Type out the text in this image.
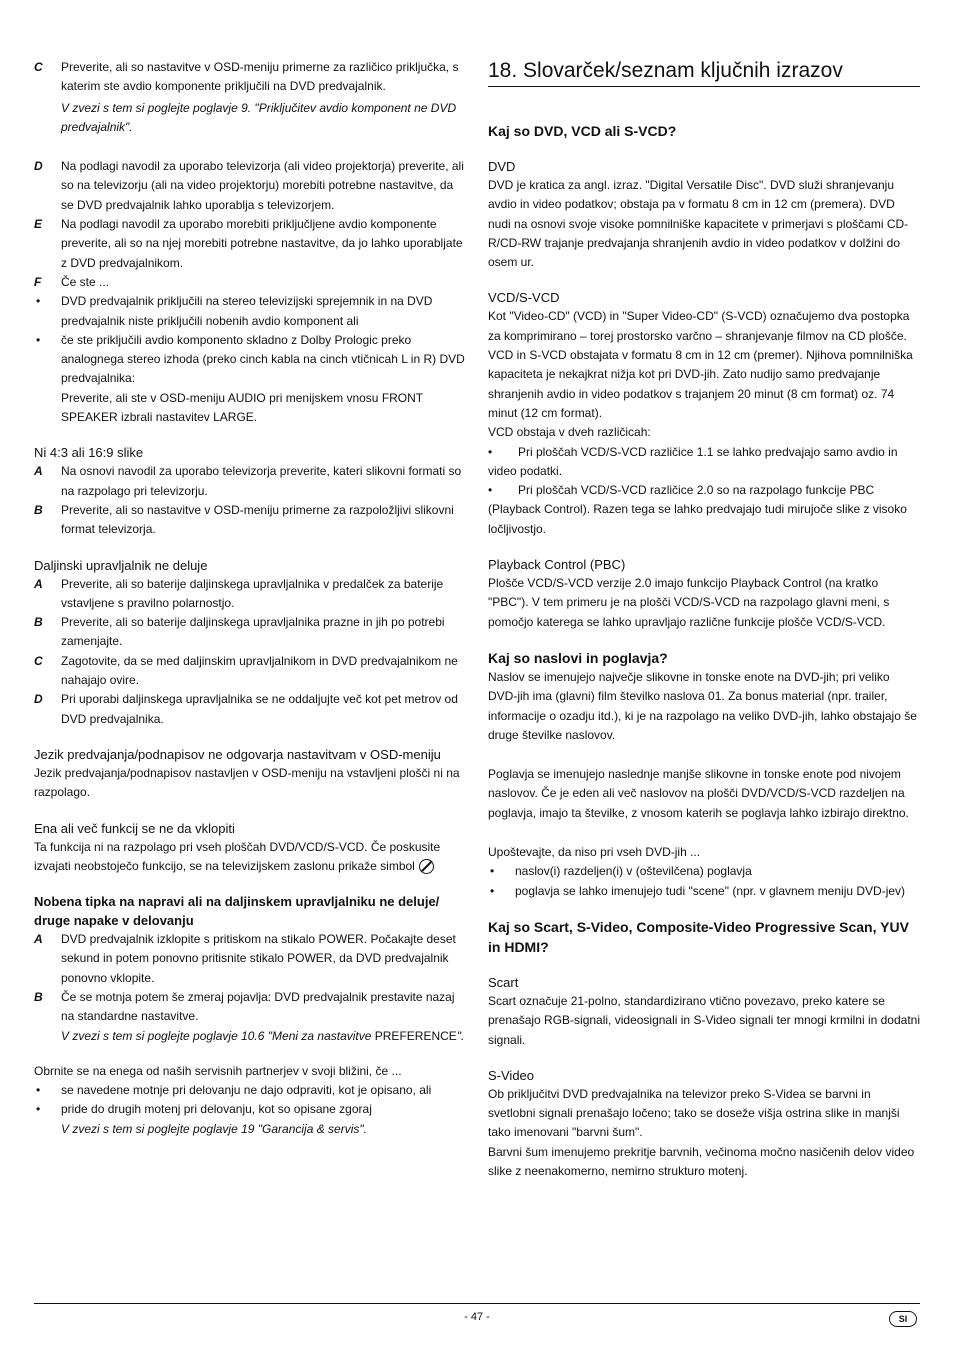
C Preverite, ali so nastavitve v OSD-meniju primerne za različico priključka, s katerim ste avdio komponente priključili na DVD predvajalnik.
V zvezi s tem si poglejte poglavje 9. "Priključitev avdio komponent ne DVD predvajalnik".
D Na podlagi navodil za uporabo televizorja (ali video projektorja) preverite, ali so na televizorju (ali na video projektorju) morebiti potrebne nastavitve, da se DVD predvajalnik lahko uporablja s televizorjem.
E Na podlagi navodil za uporabo morebiti priključljene avdio komponente preverite, ali so na njej morebiti potrebne nastavitve, da jo lahko uporabljate z DVD predvajalnikom.
F Če ste ...
• DVD predvajalnik priključili na stereo televizijski sprejemnik in na DVD predvajalnik niste priključili nobenih avdio komponent ali
• če ste priključili avdio komponento skladno z Dolby Prologic preko analognega stereo izhoda (preko cinch kabla na cinch vtičnicah L in R) DVD predvajalnika:
Preverite, ali ste v OSD-meniju AUDIO pri menijskem vnosu FRONT SPEAKER izbrali nastavitev LARGE.

Ni 4:3 ali 16:9 slike

A Na osnovi navodil za uporabo televizorja preverite, kateri slikovni formati so na razpolago pri televizorju.
B Preverite, ali so nastavitve v OSD-meniju primerne za razpoložljivi slikovni format televizorja.

Daljinski upravljalnik ne deluje

A Preverite, ali so baterije daljinskega upravljalnika v predalček za baterije vstavljene s pravilno polarnostjo.
B Preverite, ali so baterije daljinskega upravljalnika prazne in jih po potrebi zamenjajte.
C Zagotovite, da se med daljinskim upravljalnikom in DVD predvajalnikom ne nahajajo ovire.
D Pri uporabi daljinskega upravljalnika se ne oddaljujte več kot pet metrov od DVD predvajalnika.

Jezik predvajanja/podnapisov ne odgovarja nastavitvam v OSD-meniju

Jezik predvajanja/podnapisov nastavljen v OSD-meniju na vstavljeni plošči ni na razpolago.

Ena ali več funkcij se ne da vklopiti

Ta funkcija ni na razpolago pri vseh ploščah DVD/VCD/S-VCD. Če poskusite izvajati neobstoječo funkcijo, se na televizijskem zaslonu prikaže simbol

Nobena tipka na napravi ali na daljinskem upravljalniku ne deluje/ druge napake v delovanju

A DVD predvajalnik izklopite s pritiskom na stikalo POWER. Počakajte deset sekund in potem ponovno pritisnite stikalo POWER, da DVD predvajalnik ponovno vklopite.
B Če se motnja potem še zmeraj pojavlja: DVD predvajalnik prestavite nazaj na standardne nastavitve.
V zvezi s tem si poglejte poglavje 10.6 "Meni za nastavitve PREFERENCE".

Obrnite se na enega od naših servisnih partnerjev v svoji bližini, če ...

• se navedene motnje pri delovanju ne dajo odpraviti, kot je opisano, ali
• pride do drugih motenj pri delovanju, kot so opisane zgoraj
V zvezi s tem si poglejte poglavje 19 "Garancija & servis".
18. Slovarček/seznam ključnih izrazov

Kaj so DVD, VCD ali S-VCD?

DVD

DVD je kratica za angl. izraz. "Digital Versatile Disc". DVD služi shranjevanju avdio in video podatkov; obstaja pa v formatu 8 cm in 12 cm (premera). DVD nudi na osnovi svoje visoke pomnilniške kapacitete v primerjavi s ploščami CD-R/CD-RW trajanje predvajanja shranjenih avdio in video podatkov v dolžini do osem ur.

VCD/S-VCD

Kot "Video-CD" (VCD) in "Super Video-CD" (S-VCD) označujemo dva postopka za komprimirano – torej prostorsko varčno – shranjevanje filmov na CD plošče. VCD in S-VCD obstajata v formatu 8 cm in 12 cm (premer). Njihova pomnilniška kapaciteta je nekajkrat nižja kot pri DVD-jih. Zato nudijo samo predvajanje shranjenih avdio in video podatkov s trajanjem 20 minut (8 cm format) oz. 74 minut (12 cm format).

VCD obstaja v dveh različicah:

• Pri ploščah VCD/S-VCD različice 1.1 se lahko predvajajo samo avdio in video podatki.

• Pri ploščah VCD/S-VCD različice 2.0 so na razpolago funkcije PBC (Playback Control). Razen tega se lahko predvajajo tudi mirujoče slike z visoko ločljivostjo.

Playback Control (PBC)

Plošče VCD/S-VCD verzije 2.0 imajo funkcijo Playback Control (na kratko "PBC"). V tem primeru je na plošči VCD/S-VCD na razpolago glavni meni, s pomočjo katerega se lahko upravljajo različne funkcije plošče VCD/S-VCD.

Kaj so naslovi in poglavja?

Naslov se imenujejo največje slikovne in tonske enote na DVD-jih; pri veliko DVD-jih ima (glavni) film številko naslova 01. Za bonus material (npr. trailer, informacije o ozadju itd.), ki je na razpolago na veliko DVD-jih, lahko obstajajo še druge številke naslovov.

Poglavja se imenujejo naslednje manjše slikovne in tonske enote pod nivojem naslovov. Če je eden ali več naslovov na plošči DVD/VCD/S-VCD razdeljen na poglavja, imajo ta številke, z vnosom katerih se poglavja lahko izbirajo direktno.

Upoštevajte, da niso pri vseh DVD-jih ...

• naslov(i) razdeljen(i) v (oštevilčena) poglavja
• poglavja se lahko imenujejo tudi "scene" (npr. v glavnem meniju DVD-jev)

Kaj so Scart, S-Video, Composite-Video Progressive Scan, YUV in HDMI?

Scart

Scart označuje 21-polno, standardizirano vtično povezavo, preko katere se prenašajo RGB-signali, videosignali in S-Video signali ter mnogi krmilni in dodatni signali.

S-Video

Ob priključitvi DVD predvajalnika na televizor preko S-Videa se barvni in svetlobni signali prenašajo ločeno; tako se doseže višja ostrina slike in manjši tako imenovani "barvni šum".

Barvni šum imenujemo prekritje barvnih, večinoma močno nasičenih delov video slike z neenakomerno, nemirno strukturo motenj.

- 47 -	SI
